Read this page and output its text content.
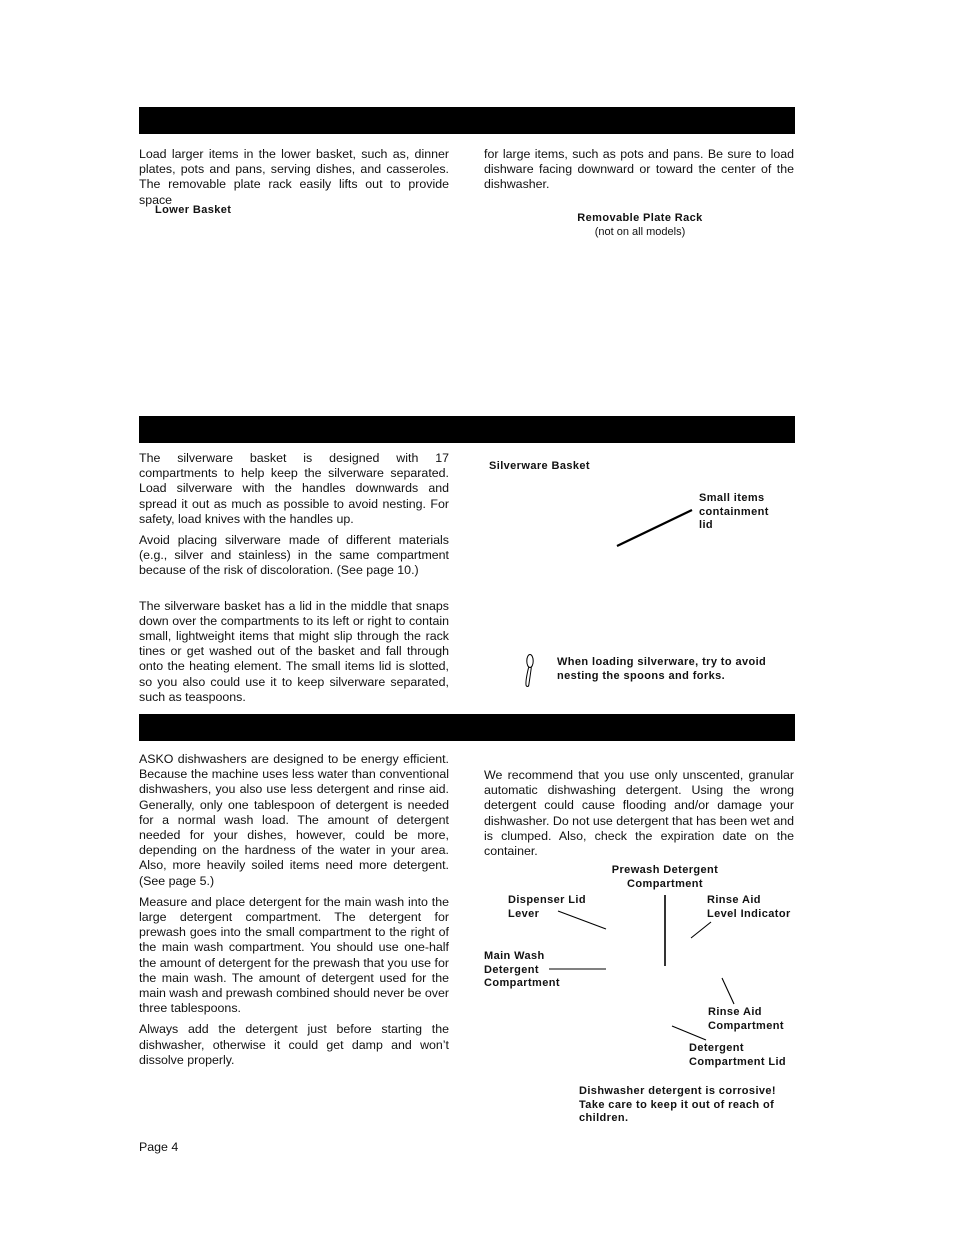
Load larger items in the lower basket, such as, dinner plates, pots and pans, serving dishes, and casseroles. The removable plate rack easily lifts out to provide space

for large items, such as pots and pans. Be sure to load dishware facing downward or toward the center of the dishwasher.

Lower Basket
Removable Plate Rack
(not on all models)

The silverware basket is designed with 17 compartments to help keep the silverware separated. Load silverware with the handles downwards and spread it out as much as possible to avoid nesting. For safety, load knives with the handles up.

Avoid placing silverware made of different materials (e.g., silver and stainless) in the same compartment because of the risk of discoloration. (See page 10.)

The silverware basket has a lid in the middle that snaps down over the compartments to its left or right to contain small, lightweight items that might slip through the rack tines or get washed out of the basket and fall through onto the heating element. The small items lid is slotted, so you also could use it to keep silverware separated, such as teaspoons.

Silverware Basket
Small items
containment
lid
When loading silverware, try to avoid
nesting the spoons and forks.

ASKO dishwashers are designed to be energy efficient. Because the machine uses less water than conventional dishwashers, you also use less detergent and rinse aid. Generally, only one tablespoon of detergent is needed for a normal wash load. The amount of detergent needed for your dishes, however, could be more, depending on the hardness of the water in your area. Also, more heavily soiled items need more detergent. (See page 5.)

Measure and place detergent for the main wash into the large detergent compartment. The detergent for prewash goes into the small compartment to the right of the main wash compartment. You should use one-half the amount of detergent for the prewash that you use for the main wash. The amount of detergent used for the main wash and prewash combined should never be over three tablespoons.

Always add the detergent just before starting the dishwasher, otherwise it could get damp and won’t dissolve properly.

We recommend that you use only unscented, granular automatic dishwashing detergent. Using the wrong detergent could cause flooding and/or damage your dishwasher. Do not use detergent that has been wet and is clumped. Also, check the expiration date on the container.

Prewash Detergent
Compartment
Dispenser Lid
Lever
Rinse Aid
Level Indicator
Main Wash
Detergent
Compartment
Rinse Aid
Compartment
Detergent
Compartment Lid
Dishwasher detergent is corrosive!
Take care to keep it out of reach of
children.
Page 4
